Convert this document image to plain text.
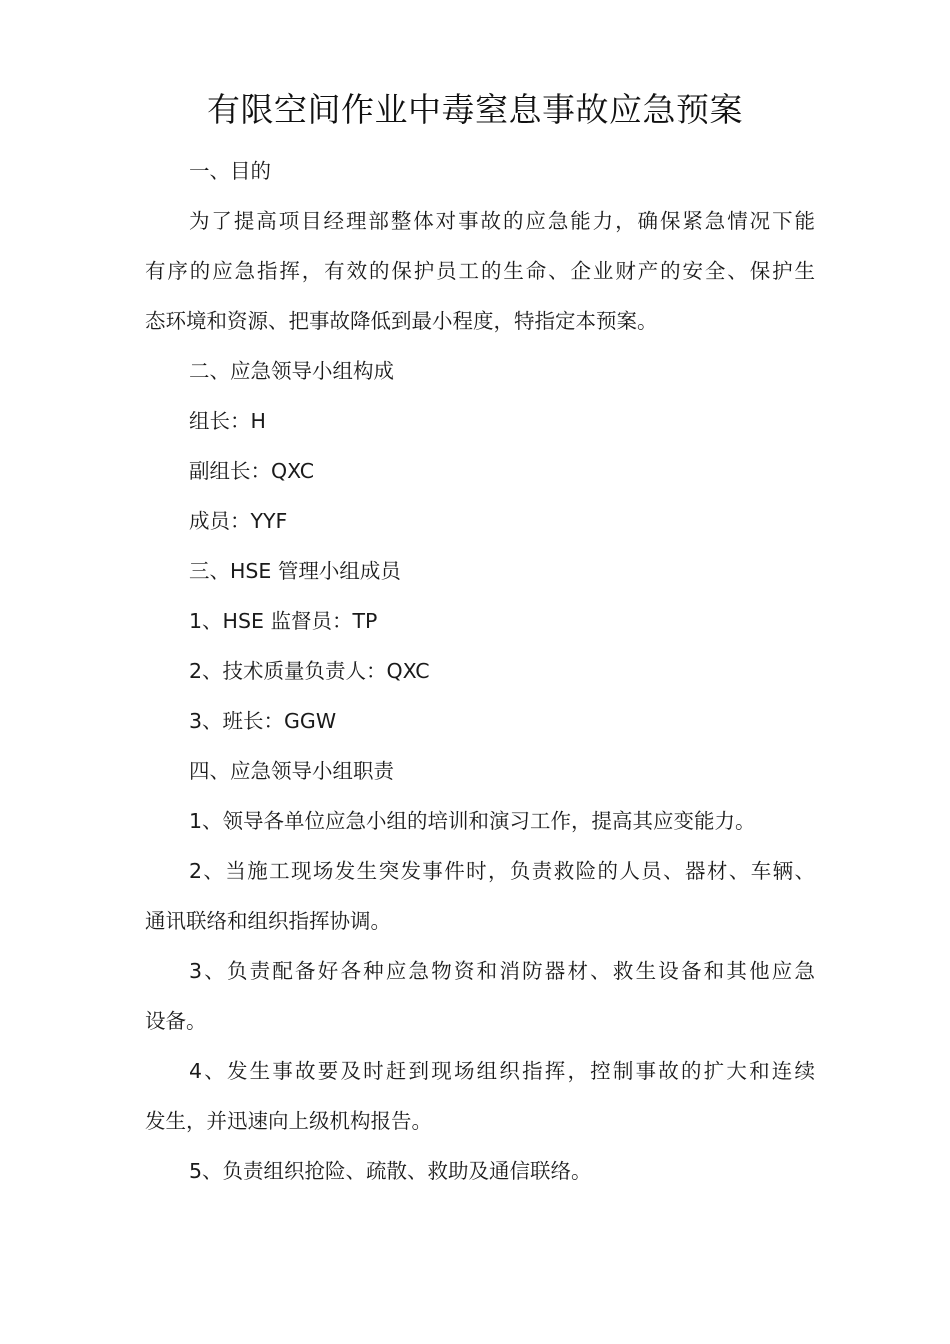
有限空间作业中毒窒息事故应急预案
一、目的
为了提高项目经理部整体对事故的应急能力，确保紧急情况下能
有序的应急指挥，有效的保护员工的生命、企业财产的安全、保护生
态环境和资源、把事故降低到最小程度，特指定本预案。
二、应急领导小组构成
组长：H
副组长：QXC
成员：YYF
三、HSE 管理小组成员
1、HSE 监督员：TP
2、技术质量负责人：QXC
3、班长：GGW
四、应急领导小组职责
1、领导各单位应急小组的培训和演习工作，提高其应变能力。
2、当施工现场发生突发事件时，负责救险的人员、器材、车辆、
通讯联络和组织指挥协调。
3、负责配备好各种应急物资和消防器材、救生设备和其他应急
设备。
4、发生事故要及时赶到现场组织指挥，控制事故的扩大和连续
发生，并迅速向上级机构报告。
5、负责组织抢险、疏散、救助及通信联络。
